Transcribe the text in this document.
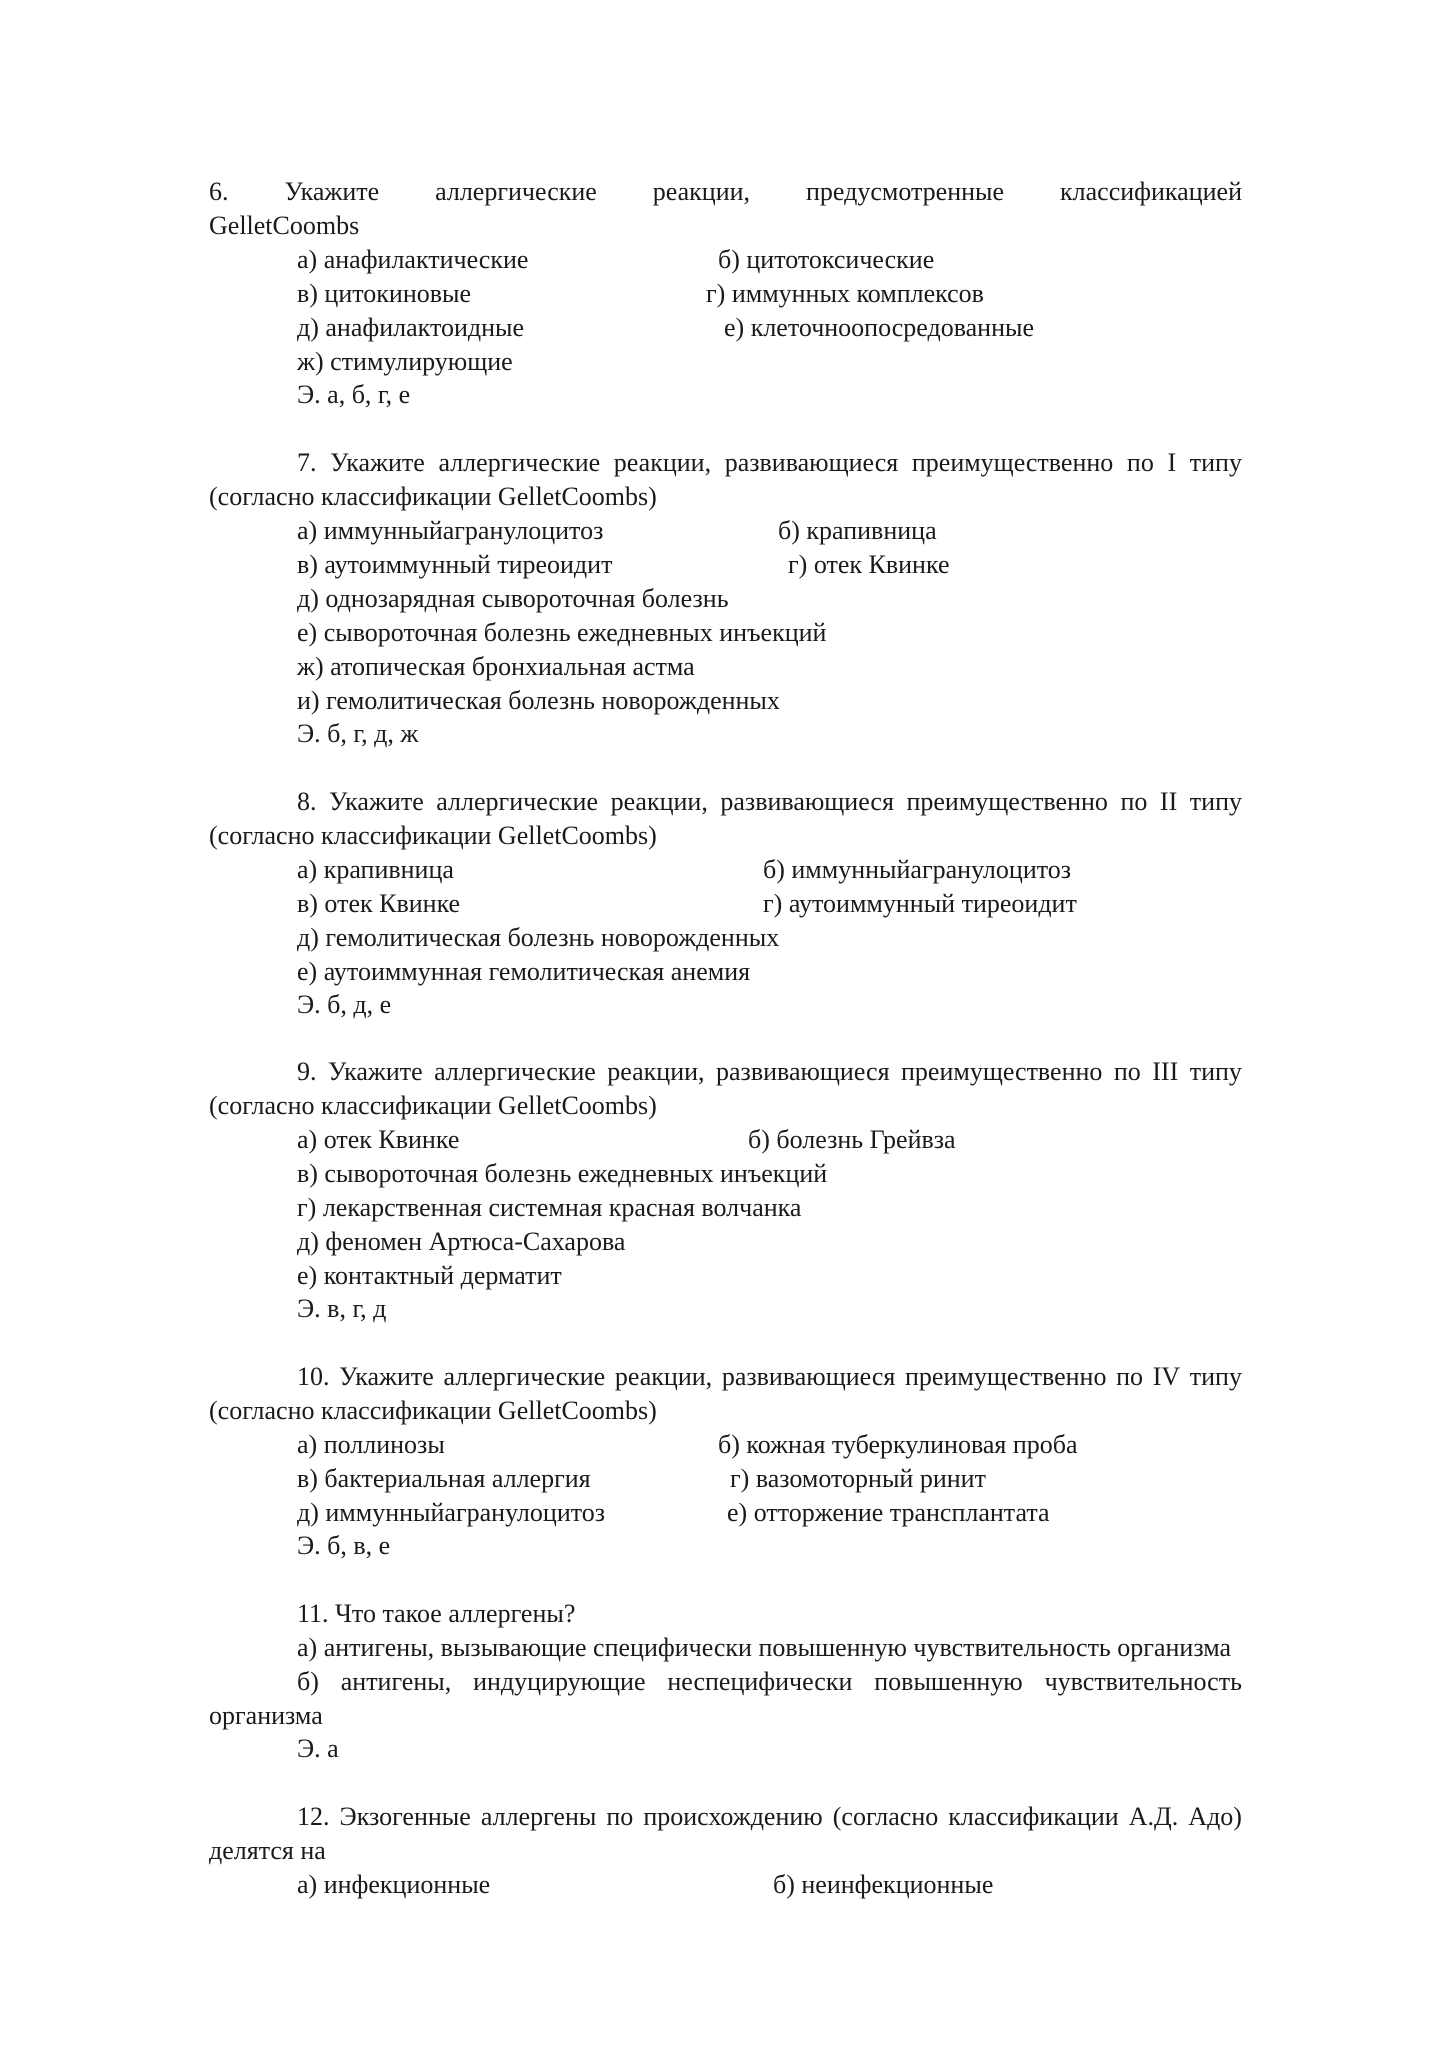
6. Укажите аллергические реакции, предусмотренные классификацией
GelletCoombs
а) анафилактические	б) цитотоксические
в) цитокиновые	г) иммунных комплексов
д) анафилактоидные	е) клеточноопосредованные
ж) стимулирующие
Э. а, б, г, е
7. Укажите аллергические реакции, развивающиеся преимущественно по I типу
(согласно классификации GelletCoombs)
а) иммунныйагранулоцитоз	б) крапивница
в) аутоиммунный тиреоидит	г) отек Квинке
д) однозарядная сывороточная болезнь
е) сывороточная болезнь ежедневных инъекций
ж) атопическая бронхиальная астма
и) гемолитическая болезнь новорожденных
Э. б, г, д, ж
8. Укажите аллергические реакции, развивающиеся преимущественно по II типу
(согласно классификации GelletCoombs)
а) крапивница	б) иммунныйагранулоцитоз
в) отек Квинке	г) аутоиммунный тиреоидит
д) гемолитическая болезнь новорожденных
е) аутоиммунная гемолитическая анемия
Э. б, д, е
9. Укажите аллергические реакции, развивающиеся преимущественно по III типу
(согласно классификации GelletCoombs)
а) отек Квинке	б) болезнь Грейвза
в) сывороточная болезнь ежедневных инъекций
г) лекарственная системная красная волчанка
д) феномен Артюса-Сахарова
е) контактный дерматит
Э. в, г, д
10. Укажите аллергические реакции, развивающиеся преимущественно по IV типу
(согласно классификации GelletCoombs)
а) поллинозы	б) кожная туберкулиновая проба
в) бактериальная аллергия	г) вазомоторный ринит
д) иммунныйагранулоцитоз	е) отторжение трансплантата
Э. б, в, е
11. Что такое аллергены?
а) антигены, вызывающие специфически повышенную чувствительность организма
б) антигены, индуцирующие неспецифически повышенную чувствительность
организма
Э. а
12. Экзогенные аллергены по происхождению (согласно классификации А.Д. Адо)
делятся на
а) инфекционные	б) неинфекционные
